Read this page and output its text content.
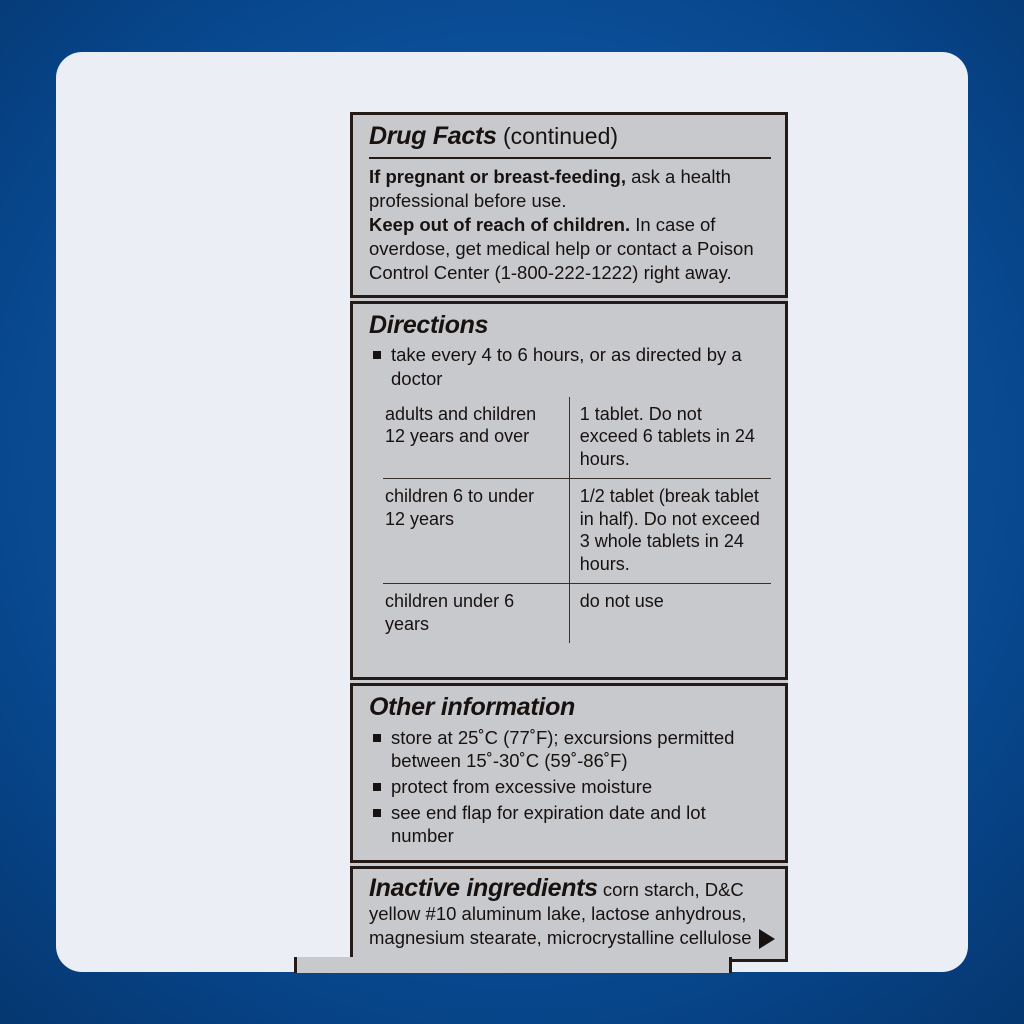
Drug Facts (continued)
If pregnant or breast-feeding, ask a health professional before use.
Keep out of reach of children. In case of overdose, get medical help or contact a Poison Control Center (1-800-222-1222) right away.
Directions
take every 4 to 6 hours, or as directed by a doctor
adults and children 12 years and over	1 tablet. Do not exceed 6 tablets in 24 hours.
children 6 to under 12 years	1/2 tablet (break tablet in half). Do not exceed 3 whole tablets in 24 hours.
children under 6 years	do not use
Other information
store at 25˚C (77˚F); excursions permitted between 15˚-30˚C (59˚-86˚F)
protect from excessive moisture
see end flap for expiration date and lot number
Inactive ingredients corn starch, D&C yellow #10 aluminum lake, lactose anhydrous, magnesium stearate, microcrystalline cellulose
